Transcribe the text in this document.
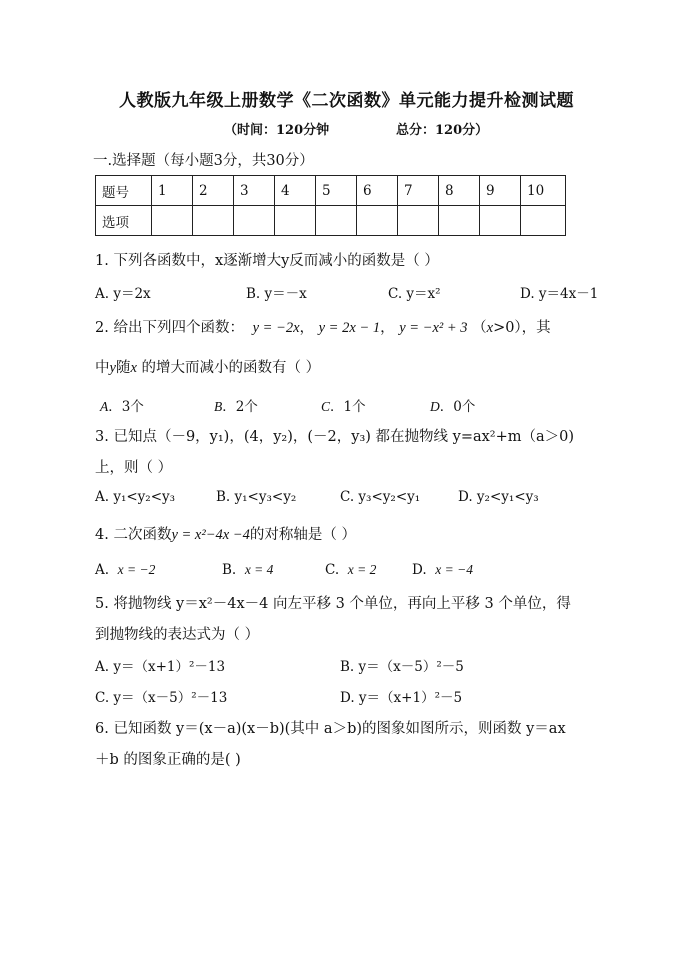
人教版九年级上册数学《二次函数》单元能力提升检测试题
（时间：120分钟	总分：120分）
一.选择题（每小题3分，共30分）
题号	1	2	3	4	5	6	7	8	9	10
选项										
1. 下列各函数中，x逐渐增大y反而减小的函数是（ ）
A. y＝2x	B. y＝－x	C. y＝x²	D. y＝4x－1
2. 给出下列四个函数： y = −2x， y = 2x − 1， y = −x² + 3 （x>0），其
中y随x 的增大而减小的函数有（ ）
A．3个	B．2个	C．1个	D．0个
3. 已知点（－9，y₁)，(4，y₂)，(－2，y₃) 都在抛物线 y=ax²+m（a＞0)
上，则（ ）
A. y₁<y₂<y₃	B. y₁<y₃<y₂	C. y₃<y₂<y₁	D. y₂<y₁<y₃
4. 二次函数y = x²−4x −4的对称轴是（ ）
A. x = −2	B. x = 4	C. x = 2	D. x = −4
5. 将抛物线 y＝x²－4x－4 向左平移 3 个单位，再向上平移 3 个单位，得
到抛物线的表达式为（ ）
A. y＝（x+1）²－13	B. y＝（x－5）²－5
C. y＝（x－5）²－13	D. y＝（x+1）²－5
6. 已知函数 y＝(x－a)(x－b)(其中 a＞b)的图象如图所示，则函数 y＝ax
＋b 的图象正确的是( )
